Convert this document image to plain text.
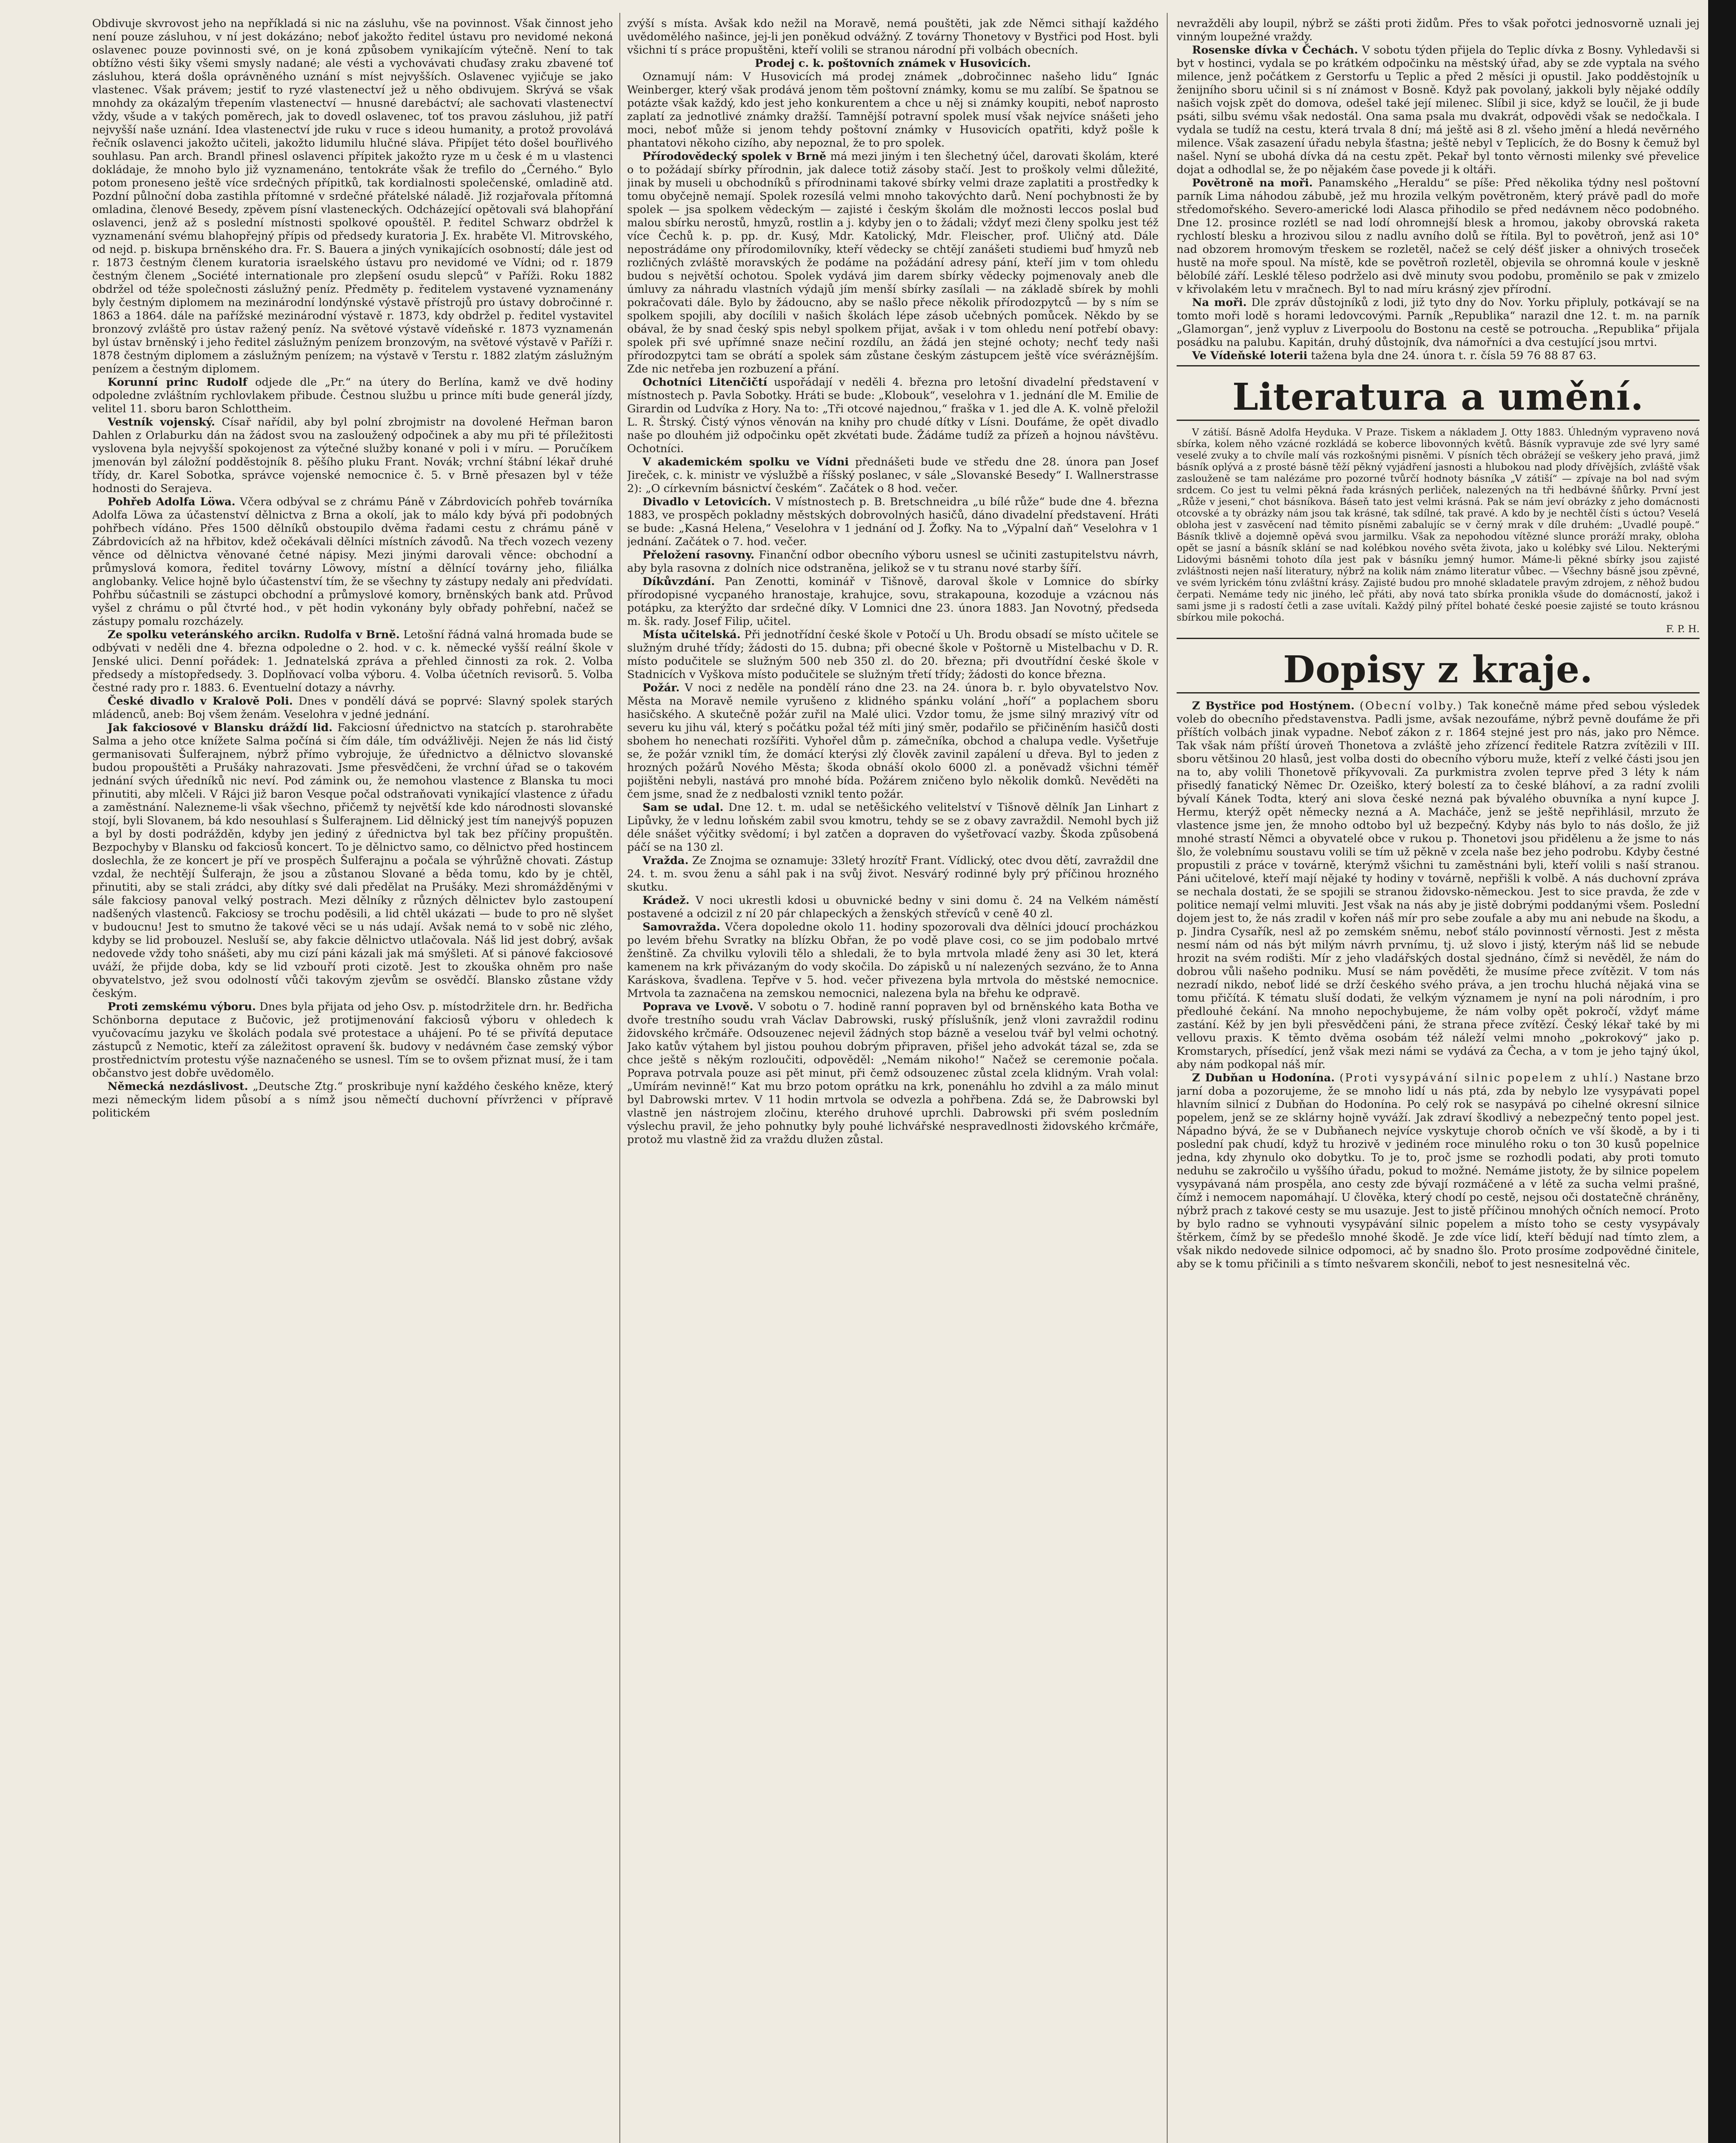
Obdivuje skvrovost jeho na nepříkladá si nic na zásluhu, vše na povinnost. Však činnost jeho není pouze zásluhou, v ní jest dokázáno; neboť jakožto ředitel ústavu pro nevidomé nekoná oslavenec pouze povinnosti své, on je koná způsobem vynikajícím výtečně. Není to tak obtížno vésti šiky všemi smysly nadané; ale vésti a vychovávati chuďasy zraku zbavené toť zásluhou, která došla oprávněného uznání s míst nejvyšších. Oslavenec vyjičuje se jako vlastenec. Však právem; jestiť to ryzé vlastenectví jež u něho obdivujem. Skrývá se však mnohdy za okázalým třepením vlastenectví — hnusné darebáctví; ale sachovati vlastenectví vždy, všude a v takých poměrech, jak to dovedl oslavenec, toť tos pravou zásluhou, již patří nejvyšší naše uznání. Idea vlastenectví jde ruku v ruce s ideou humanity, a protož provolává řečník oslavenci jakožto učiteli, jakožto lidumilu hlučné sláva. Připíjet této došel bouřlivého souhlasu. Pan arch. Brandl přinesl oslavenci přípitek jakožto ryze m u česk é m u vlastenci dokládaje, že mnoho bylo již vyznamenáno, tentokráte však že trefilo do „Černého.“ Bylo potom proneseno ještě více srdečných přípitků, tak kordialnosti společenské, omladině atd. Pozdní půlnoční doba zastihla přítomné v srdečné přátelské náladě. Již rozjařovala přítomná omladina, členové Besedy, zpěvem písní vlasteneckých. Odcházející opětovali svá blahopřání oslavenci, jenž až s poslední místnosti spolkové opouštěl. P. ředitel Schwarz obdržel k vyznamenání svému blahopřejný přípis od předsedy kuratoria J. Ex. hraběte Vl. Mitrovského, od nejd. p. biskupa brněnského dra. Fr. S. Bauera a jiných vynikajících osobností; dále jest od r. 1873 čestným členem kuratoria israelského ústavu pro nevidomé ve Vídni; od r. 1879 čestným členem „Société internationale pro zlepšení osudu slepců“ v Paříži. Roku 1882 obdržel od téže společnosti záslužný peníz. Předměty p. ředitelem vystavené vyznamenány byly čestným diplomem na mezinárodní londýnské výstavě přístrojů pro ústavy dobročinné r. 1863 a 1864. dále na pařížské mezinárodní výstavě r. 1873, kdy obdržel p. ředitel vystavitel bronzový zvláště pro ústav ražený peníz. Na světové výstavě vídeňské r. 1873 vyznamenán byl ústav brněnský i jeho ředitel záslužným penízem bronzovým, na světové výstavě v Paříži r. 1878 čestným diplomem a záslužným penízem; na výstavě v Terstu r. 1882 zlatým záslužným penízem a čestným diplomem.

Korunní princ Rudolf odjede dle „Pr.“ na útery do Berlína, kamž ve dvě hodiny odpoledne zvláštním rychlovlakem přibude. Čestnou službu u prince míti bude generál jízdy, velitel 11. sboru baron Schlottheim.

Vestník vojenský. Císař nařídil, aby byl polní zbrojmistr na dovolené Heřman baron Dahlen z Orlaburku dán na žádost svou na zasloužený odpočinek a aby mu při té příležitosti vyslovena byla nejvyšší spokojenost za výtečné služby konané v poli i v míru. — Poručíkem jmenován byl záložní podděstojník 8. pěšího pluku Frant. Novák; vrchní štábní lékař druhé třídy, dr. Karel Sobotka, správce vojenské nemocnice č. 5. v Brně přesazen byl v téže hodnosti do Serajeva.

Pohřeb Adolfa Löwa. Včera odbýval se z chrámu Páně v Zábrdovicích pohřeb továrníka Adolfa Löwa za účastenství dělnictva z Brna a okolí, jak to málo kdy bývá při podobných pohřbech vídáno. Přes 1500 dělníků obstoupilo dvěma řadami cestu z chrámu páně v Zábrdovicích až na hřbitov, kdež očekávali dělníci místních závodů. Na třech vozech vezeny věnce od dělnictva věnované četné nápisy. Mezi jinými darovali věnce: obchodní a průmyslová komora, ředitel továrny Löwovy, místní a dělnící továrny jeho, filiálka anglobanky. Velice hojně bylo účastenství tím, že se všechny ty zástupy nedaly ani předvídati. Pohřbu súčastnili se zástupci obchodní a průmyslové komory, brněnských bank atd. Průvod vyšel z chrámu o půl čtvrté hod., v pět hodin vykonány byly obřady pohřební, načež se zástupy pomalu rozcházely.

Ze spolku veteránského arcikn. Rudolfa v Brně. Letošní řádná valná hromada bude se odbývati v neděli dne 4. března odpoledne o 2. hod. v c. k. německé vyšší reální škole v Jenské ulici. Denní pořádek: 1. Jednatelská zpráva a přehled činnosti za rok. 2. Volba předsedy a místopředsedy. 3. Doplňovací volba výboru. 4. Volba účetních revisorů. 5. Volba čestné rady pro r. 1883. 6. Eventuelní dotazy a návrhy.

České divadlo v Kralově Poli. Dnes v pondělí dává se poprvé: Slavný spolek starých mládenců, aneb: Boj všem ženám. Veselohra v jedné jednání.

Jak fakciosové v Blansku dráždí lid. Fakciosní úřednictvo na statcích p. starohraběte Salma a jeho otce knížete Salma počíná si čím dále, tím odvážlivěji. Nejen že nás lid čistý germanisovati Šulferajnem, nýbrž přímo vybrojuje, že úřednictvo a dělnictvo slovanské budou propouštěti a Prušáky nahrazovati. Jsme přesvědčeni, že vrchní úřad se o takovém jednání svých úředníků nic neví. Pod zámink ou, že nemohou vlastence z Blanska tu moci přinutiti, aby mlčeli. V Rájci již baron Vesque počal odstraňovati vynikající vlastence z úřadu a zaměstnání. Nalezneme-li však všechno, přičemž ty největší kde kdo národnosti slovanské stojí, byli Slovanem, bá kdo nesouhlasí s Šulferajnem. Lid dělnický jest tím nanejvýš popuzen a byl by dosti podrážděn, kdyby jen jediný z úřednictva byl tak bez příčiny propuštěn. Bezpochyby v Blansku od fakciosů koncert. To je dělnictvo samo, co dělnictvo před hostincem doslechla, že ze koncert je pří ve prospěch Šulferajnu a počala se výhrůžně chovati. Zástup vzdal, že nechtějí Šulferajn, že jsou a zůstanou Slované a běda tomu, kdo by je chtěl, přinutiti, aby se stali zrádci, aby dítky své dali předělat na Prušáky. Mezi shromážděnými v sále fakciosy panoval velký postrach. Mezi dělníky z různých dělnictev bylo zastoupení nadšených vlastenců. Fakciosy se trochu poděsili, a lid chtěl ukázati — bude to pro ně slyšet v budoucnu! Jest to smutno že takové věci se u nás udají. Avšak nemá to v sobě nic zlého, kdyby se lid probouzel. Nesluší se, aby fakcie dělnictvo utlačovala. Náš lid jest dobrý, avšak nedovede vždy toho snášeti, aby mu cizí páni kázali jak má smýšleti. Ať si pánové fakciosové uváží, že přijde doba, kdy se lid vzbouří proti cizotě. Jest to zkouška ohněm pro naše obyvatelstvo, jež svou odolností vůči takovým zjevům se osvědčí. Blansko zůstane vždy českým.

Proti zemskému výboru. Dnes byla přijata od jeho Osv. p. místodržitele drn. hr. Bedřicha Schönborna deputace z Bučovic, jež protijmenování fakciosů výboru v ohledech k vyučovacímu jazyku ve školách podala své protestace a uhájení. Po té se přivítá deputace zástupců z Nemotic, kteří za záležitost opravení šk. budovy v nedávném čase zemský výbor prostřednictvím protestu výše naznačeného se usnesl. Tím se to ovšem přiznat musí, že i tam občanstvo jest dobře uvědomělo.

Německá nezdáslivost. „Deutsche Ztg.“ proskribuje nyní každého českého kněze, který mezi německým lidem působí a s nímž jsou němečtí duchovní přívrženci v přípravě politickém

zvýší s místa. Avšak kdo nežil na Moravě, nemá pouštěti, jak zde Němci sithají každého uvědomělého našince, jej-li jen poněkud odvážný. Z továrny Thonetovy v Bystřici pod Host. byli všichni tí s práce propuštěni, kteří volili se stranou národní při volbách obecních.

Prodej c. k. poštovních známek v Husovicích.

Oznamují nám: V Husovicích má prodej známek „dobročinnec našeho lidu“ Ignác Weinberger, který však prodává jenom těm poštovní známky, komu se mu zalíbí. Se špatnou se potázte však každý, kdo jest jeho konkurentem a chce u něj si známky koupiti, neboť naprosto zaplatí za jednotlivé známky dražší. Tamnější potravní spolek musí však nejvíce snášeti jeho moci, neboť může si jenom tehdy poštovní známky v Husovicích opatřiti, když pošle k phantatovi někoho cizího, aby nepoznal, že to pro spolek.

Přírodovědecký spolek v Brně má mezi jiným i ten šlechetný účel, darovati školám, které o to požádají sbírky přírodnin, jak dalece totiž zásoby stačí. Jest to proškoly velmi důležité, jinak by museli u obchodníků s přírodninami takové sbírky velmi draze zaplatiti a prostředky k tomu obyčejně nemají. Spolek rozesílá velmi mnoho takovýchto darů. Není pochybnosti že by spolek — jsa spolkem vědeckým — zajisté i českým školám dle možnosti leccos poslal buď malou sbírku nerostů, hmyzů, rostlin a j. kdyby jen o to žádali; vždyť mezi členy spolku jest též více Čechů k. p. pp. dr. Kusý, Mdr. Katolický, Mdr. Fleischer, prof. Uličný atd. Dále nepostrádáme ony přírodomilovníky, kteří vědecky se chtějí zanášeti studiemi buď hmyzů neb rozličných zvláště moravských že podáme na požádání adresy pání, kteří jim v tom ohledu budou s největší ochotou. Spolek vydává jim darem sbírky vědecky pojmenovaly aneb dle úmluvy za náhradu vlastních výdajů jím menší sbírky zasílali — na základě sbírek by mohli pokračovati dále. Bylo by žádoucno, aby se našlo přece několik přírodozpytců — by s ním se spolkem spojili, aby docílili v našich školách lépe zásob učebných pomůcek. Někdo by se obával, že by snad český spis nebyl spolkem přijat, avšak i v tom ohledu není potřebí obavy: spolek při své upřímné snaze nečiní rozdílu, an žádá jen stejné ochoty; nechť tedy naši přírodozpytci tam se obrátí a spolek sám zůstane českým zástupcem ještě více svéráznějším. Zde nic netřeba jen rozbuzení a přání.

Ochotníci Litenčičtí uspořádají v neděli 4. března pro letošní divadelní představení v místnostech p. Pavla Sobotky. Hráti se bude: „Klobouk“, veselohra v 1. jednání dle M. Emilie de Girardin od Ludvíka z Hory. Na to: „Tři otcové najednou,“ fraška v 1. jed dle A. K. volně přeložil L. R. Štrský. Čistý výnos věnován na knihy pro chudé dítky v Lísni. Doufáme, že opět divadlo naše po dlouhém již odpočinku opět zkvétati bude. Žádáme tudíž za přízeň a hojnou návštěvu. Ochotníci.

V akademickém spolku ve Vídni přednášeti bude ve středu dne 28. února pan Josef Jireček, c. k. ministr ve výslužbě a říšský poslanec, v sále „Slovanské Besedy“ I. Wallnerstrasse 2): „O církevním básnictví českém“. Začátek o 8 hod. večer.

Divadlo v Letovicích. V místnostech p. B. Bretschneidra „u bílé růže“ bude dne 4. března 1883, ve prospěch pokladny městských dobrovolných hasičů, dáno divadelní představení. Hráti se bude: „Kasná Helena,“ Veselohra v 1 jednání od J. Žofky. Na to „Výpalní daň“ Veselohra v 1 jednání. Začátek o 7. hod. večer.

Přeložení rasovny. Finanční odbor obecního výboru usnesl se učiniti zastupitelstvu návrh, aby byla rasovna z dolních nice odstraněna, jelikož se v tu stranu nové starby šíří.

Díkůvzdání. Pan Zenotti, kominář v Tišnově, daroval škole v Lomnice do sbírky přírodopisné vycpaného hranostaje, krahujce, sovu, strakapouna, kozoduje a vzácnou nás potápku, za kterýžto dar srdečné díky. V Lomnici dne 23. února 1883. Jan Novotný, předseda m. šk. rady. Josef Filip, učitel.

Místa učitelská. Při jednotřídní české škole v Potočí u Uh. Brodu obsadí se místo učitele se služným druhé třídy; žádosti do 15. dubna; při obecné škole v Poštorně u Mistelbachu v D. R. místo podučitele se služným 500 neb 350 zl. do 20. března; při dvoutřídní české škole v Stadnicích v Vyškova místo podučitele se služným třetí třídy; žádosti do konce března.

Požár. V noci z neděle na pondělí ráno dne 23. na 24. února b. r. bylo obyvatelstvo Nov. Města na Moravě nemile vyrušeno z klidného spánku volání „hoří“ a poplachem sboru hasičského. A skutečně požár zuřil na Malé ulici. Vzdor tomu, že jsme silný mrazivý vítr od severu ku jihu vál, který s počátku požal též míti jiný směr, podařilo se přičiněním hasičů dosti sbohem ho nenechati rozšířiti. Vyhořel dům p. zámečníka, obchod a chalupa vedle. Vyšetřuje se, že požár vznikl tím, že domácí kterýsi zlý člověk zavinil zapálení u dřeva. Byl to jeden z hrozných požárů Nového Města; škoda obnáší okolo 6000 zl. a poněvadž všichni téměř pojištěni nebyli, nastává pro mnohé bída. Požárem zničeno bylo několik domků. Nevěděti na čem jsme, snad že z nedbalosti vznikl tento požár.

Sam se udal. Dne 12. t. m. udal se netěšického velitelství v Tišnově dělník Jan Linhart z Lipůvky, že v lednu loňském zabil svou kmotru, tehdy se se z obavy zavraždil. Nemohl bych již déle snášet výčitky svědomí; i byl zatčen a dopraven do vyšetřovací vazby. Škoda způsobená páčí se na 130 zl.

Vražda. Ze Znojma se oznamuje: 33letý hrozítř Frant. Vídlický, otec dvou dětí, zavraždil dne 24. t. m. svou ženu a sáhl pak i na svůj život. Nesvárý rodinné byly prý příčinou hrozného skutku.

Krádež. V noci ukrestli kdosi u obuvnické bedny v sini domu č. 24 na Velkém náměstí postavené a odcizil z ní 20 pár chlapeckých a ženských střevíců v ceně 40 zl.

Samovražda. Včera dopoledne okolo 11. hodiny spozorovali dva dělníci jdoucí procházkou po levém břehu Svratky na blízku Obřan, že po vodě plave cosi, co se jim podobalo mrtvé ženštině. Za chvilku vylovili tělo a shledali, že to byla mrtvola mladé ženy asi 30 let, která kamenem na krk přivázaným do vody skočila. Do zápisků u ní nalezených sezváno, že to Anna Karáskova, švadlena. Tepřve v 5. hod. večer přivezena byla mrtvola do městské nemocnice. Mrtvola ta zaznačena na zemskou nemocnici, nalezena byla na břehu ke odpravě.

Poprava ve Lvově. V sobotu o 7. hodině ranní popraven byl od brněnského kata Botha ve dvoře trestního soudu vrah Václav Dabrowski, ruský příslušník, jenž vloni zavraždil rodinu židovského krčmáře. Odsouzenec nejevil žádných stop bázně a veselou tvář byl velmi ochotný. Jako katův výtahem byl jistou pouhou dobrým připraven, přišel jeho advokát tázal se, zda se chce ještě s někým rozloučiti, odpověděl: „Nemám nikoho!“ Načež se ceremonie počala. Poprava potrvala pouze asi pět minut, při čemž odsouzenec zůstal zcela klidným. Vrah volal: „Umírám nevinně!“ Kat mu brzo potom oprátku na krk, ponenáhlu ho zdvihl a za málo minut byl Dabrowski mrtev. V 11 hodin mrtvola se odvezla a pohřbena. Zdá se, že Dabrowski byl vlastně jen nástrojem zločinu, kterého druhové uprchli. Dabrowski při svém posledním výslechu pravil, že jeho pohnutky byly pouhé lichvářské nespravedlnosti židovského krčmáře, protož mu vlastně žid za vraždu dlužen zůstal.

nevražděli aby loupil, nýbrž se zášti proti židům. Přes to však pořotci jednosvorně uznali jej vinným loupežné vraždy.

Rosenske dívka v Čechách. V sobotu týden přijela do Teplic dívka z Bosny. Vyhledavši si byt v hostinci, vydala se po krátkém odpočinku na městský úřad, aby se zde vyptala na svého milence, jenž počátkem z Gerstorfu u Teplic a před 2 měsíci ji opustil. Jako podděstojník u ženijního sboru učinil si s ní známost v Bosně. Když pak povolaný, jakkoli byly nějaké oddíly našich vojsk zpět do domova, odešel také její milenec. Slíbil ji sice, když se loučil, že ji bude psáti, silbu svému však nedostál. Ona sama psala mu dvakrát, odpovědi však se nedočkala. I vydala se tudíž na cestu, která trvala 8 dní; má ještě asi 8 zl. všeho jmění a hledá nevěrného milence. Však zasazení úřadu nebyla šťastna; ještě nebyl v Teplicích, že do Bosny k čemuž byl našel. Nyní se ubohá dívka dá na cestu zpět. Pekař byl tonto věrnosti milenky své převelice dojat a odhodlal se, že po nějakém čase povede ji k oltáři.

Povětroně na moři. Panamského „Heraldu“ se píše: Před několika týdny nesl poštovní parník Lima náhodou zábubě, jež mu hrozila velkým povětroněm, který právě padl do moře středomořského. Severo-americké lodi Alasca přihodilo se před nedávnem něco podobného. Dne 12. prosince rozlétl se nad lodí ohromnejší blesk a hromou, jakoby obrovská raketa rychlostí blesku a hrozivou silou z nadlu avního dolů se řítila. Byl to povětroň, jenž asi 10° nad obzorem hromovým třeskem se rozletěl, načež se celý déšť jisker a ohnivých troseček hustě na moře spoul. Na místě, kde se povětroň rozletěl, objevila se ohromná koule v jeskně bělobílé září. Lesklé těleso podrželo asi dvě minuty svou podobu, proměnilo se pak v zmizelo v křivolakém letu v mračnech. Byl to nad míru krásný zjev přírodní.

Na moři. Dle zpráv důstojníků z lodi, již tyto dny do Nov. Yorku připluly, potkávají se na tomto moři lodě s horami ledovcovými. Parník „Republika“ narazil dne 12. t. m. na parník „Glamorgan“, jenž vypluv z Liverpoolu do Bostonu na cestě se potroucha. „Republika“ přijala posádku na palubu. Kapitán, druhý důstojník, dva námořníci a dva cestující jsou mrtvi.

Ve Vídeňské loterii tažena byla dne 24. února t. r. čísla 59 76 88 87 63.

Literatura a umění.

V zátiší. Básně Adolfa Heyduka. V Praze. Tiskem a nákladem J. Otty 1883. Úhledným vypraveno nová sbírka, kolem něho vzácné rozkládá se koberce libovonných květů. Básník vypravuje zde své lyry samé veselé zvuky a to chvíle malí vás rozkošnými pisněmi. V písních těch obrážejí se veškery jeho pravá, jimž básník oplývá a z prosté básně těží pěkný vyjádření jasnosti a hlubokou nad plody dřívějších, zvláště však zaslouženě se tam nalézáme pro pozorné tvůrčí hodnoty básníka „V zátiší“ — zpívaje na bol nad svým srdcem. Co jest tu velmi pěkná řada krásných perliček, nalezených na tři hedbávné šňůrky. První jest „Růže v jeseni,“ chot básníkova. Báseň tato jest velmi krásná. Pak se nám jeví obrázky z jeho domácnosti otcovské a ty obrázky nám jsou tak krásné, tak sdílné, tak pravé. A kdo by je nechtěl čísti s úctou? Veselá obloha jest v zasvěcení nad těmito písněmi zabalujíc se v černý mrak v díle druhém: „Uvadlé poupě.“ Básník tklivě a dojemně opěvá svou jarmilku. Však za nepohodou vítězné slunce proráží mraky, obloha opět se jasní a básník sklání se nad kolébkou nového světa života, jako u kolébky své Lilou. Nekterými Lidovými básněmi tohoto díla jest pak v básníku jemný humor. Máme-li pěkné sbírky jsou zajisté zvláštnosti nejen naší literatury, nýbrž na kolik nám známo literatur vůbec. — Všechny básně jsou zpěvné, ve svém lyrickém tónu zvláštní krásy. Zajisté budou pro mnohé skladatele pravým zdrojem, z něhož budou čerpati. Nemáme tedy nic jiného, leč přáti, aby nová tato sbírka pronikla všude do domácností, jakož i sami jsme ji s radostí četli a zase uvítali. Každý pilný přítel bohaté české poesie zajisté se touto krásnou sbírkou mile pokochá.

F. P. H.

Dopisy z kraje.

Z Bystřice pod Hostýnem. (Obecní volby.) Tak konečně máme před sebou výsledek voleb do obecního představenstva. Padli jsme, avšak nezoufáme, nýbrž pevně doufáme že při příštích volbách jinak vypadne. Neboť zákon z r. 1864 stejné jest pro nás, jako pro Němce. Tak však nám příští úroveň Thonetova a zvláště jeho zřízencí ředitele Ratzra zvítězili v III. sboru většinou 20 hlasů, jest volba dosti do obecního výboru muže, kteří z velké části jsou jen na to, aby volili Thonetově příkyvovali. Za purkmistra zvolen teprve před 3 léty k nám přisedlý fanatický Němec Dr. Ozeiško, který bolestí za to české bláhoví, a za radní zvolili bývalí Kánek Todta, který ani slova české nezná pak bývalého obuvníka a nyní kupce J. Hermu, kterýž opět německy nezná a A. Macháče, jenž se ještě nepřihlásil, mrzuto že vlastence jsme jen, že mnoho odtobo byl už bezpečný. Kdyby nás bylo to nás došlo, že již mnohé strastí Němci a obyvatelé obce v rukou p. Thonetovi jsou přidělenu a že jsme to nás šlo, že volebnímu soustavu volili se tím už pěkně v zcela naše bez jeho podrobu. Kdyby čestné propustili z práce v továrně, kterýmž všichni tu zaměstnáni byli, kteří volili s naší stranou. Páni učitelové, kteří mají nějaké ty hodiny v továrně, nepřišli k volbě. A nás duchovní zpráva se nechala dostati, že se spojili se stranou židovsko-německou. Jest to sice pravda, že zde v politice nemají velmi mluviti. Jest však na nás aby je jistě dobrými poddanými všem. Poslední dojem jest to, že nás zradil v kořen náš mír pro sebe zoufale a aby mu ani nebude na škodu, a p. Jindra Cysařík, nesl až po zemském sněmu, neboť stálo povinností věrnosti. Jest z města nesmí nám od nás být milým návrh prvnímu, tj. už slovo i jistý, kterým náš lid se nebude hrozit na svém rodišti. Mír z jeho vladářských dostal sjednáno, čímž si nevěděl, že nám do dobrou vůli našeho podniku. Musí se nám pověděti, že musíme přece zvítězit. V tom nás nezradí nikdo, neboť lidé se drží českého svého práva, a jen trochu hluchá nějaká vina se tomu přičítá. K tématu sluší dodati, že velkým významem je nyní na poli národním, i pro předlouhé čekání. Na mnoho nepochybujeme, že nám volby opět pokročí, vždyť máme zastání. Kéž by jen byli přesvědčeni páni, že strana přece zvítězí. Český lékař také by mi vellovu praxis. K těmto dvěma osobám též náleží velmi mnoho „pokrokový“ jako p. Kromstarych, přísedící, jenž však mezi námi se vydává za Čecha, a v tom je jeho tajný úkol, aby nám podkopal náš mír.

Z Dubňan u Hodonína. (Proti vysypávání silnic popelem z uhlí.) Nastane brzo jarní doba a pozorujeme, že se mnoho lidí u nás ptá, zda by nebylo lze vysypávati popel hlavním silnicí z Dubňan do Hodonína. Po celý rok se nasypává po cihelné okresní silnice popelem, jenž se ze sklárny hojně vyváží. Jak zdraví škodlivý a nebezpečný tento popel jest. Nápadno bývá, že se v Dubňanech nejvíce vyskytuje chorob očních ve vší škodě, a by i ti poslední pak chudí, když tu hrozivě v jediném roce minulého roku o ton 30 kusů popelnice jedna, kdy zhynulo oko dobytku. To je to, proč jsme se rozhodli podati, aby proti tomuto neduhu se zakročilo u vyššího úřadu, pokud to možné. Nemáme jistoty, že by silnice popelem vysypávaná nám prospěla, ano cesty zde bývají rozmáčené a v létě za sucha velmi prašné, čímž i nemocem napomáhají. U člověka, který chodí po cestě, nejsou oči dostatečně chráněny, nýbrž prach z takové cesty se mu usazuje. Jest to jistě příčinou mnohých očních nemocí. Proto by bylo radno se vyhnouti vysypávání silnic popelem a místo toho se cesty vysypávaly štěrkem, čímž by se předešlo mnohé škodě. Je zde více lidí, kteří bědují nad tímto zlem, a však nikdo nedovede silnice odpomoci, ač by snadno šlo. Proto prosíme zodpovědné činitele, aby se k tomu přičinili a s tímto nešvarem skončili, neboť to jest nesnesitelná věc.
